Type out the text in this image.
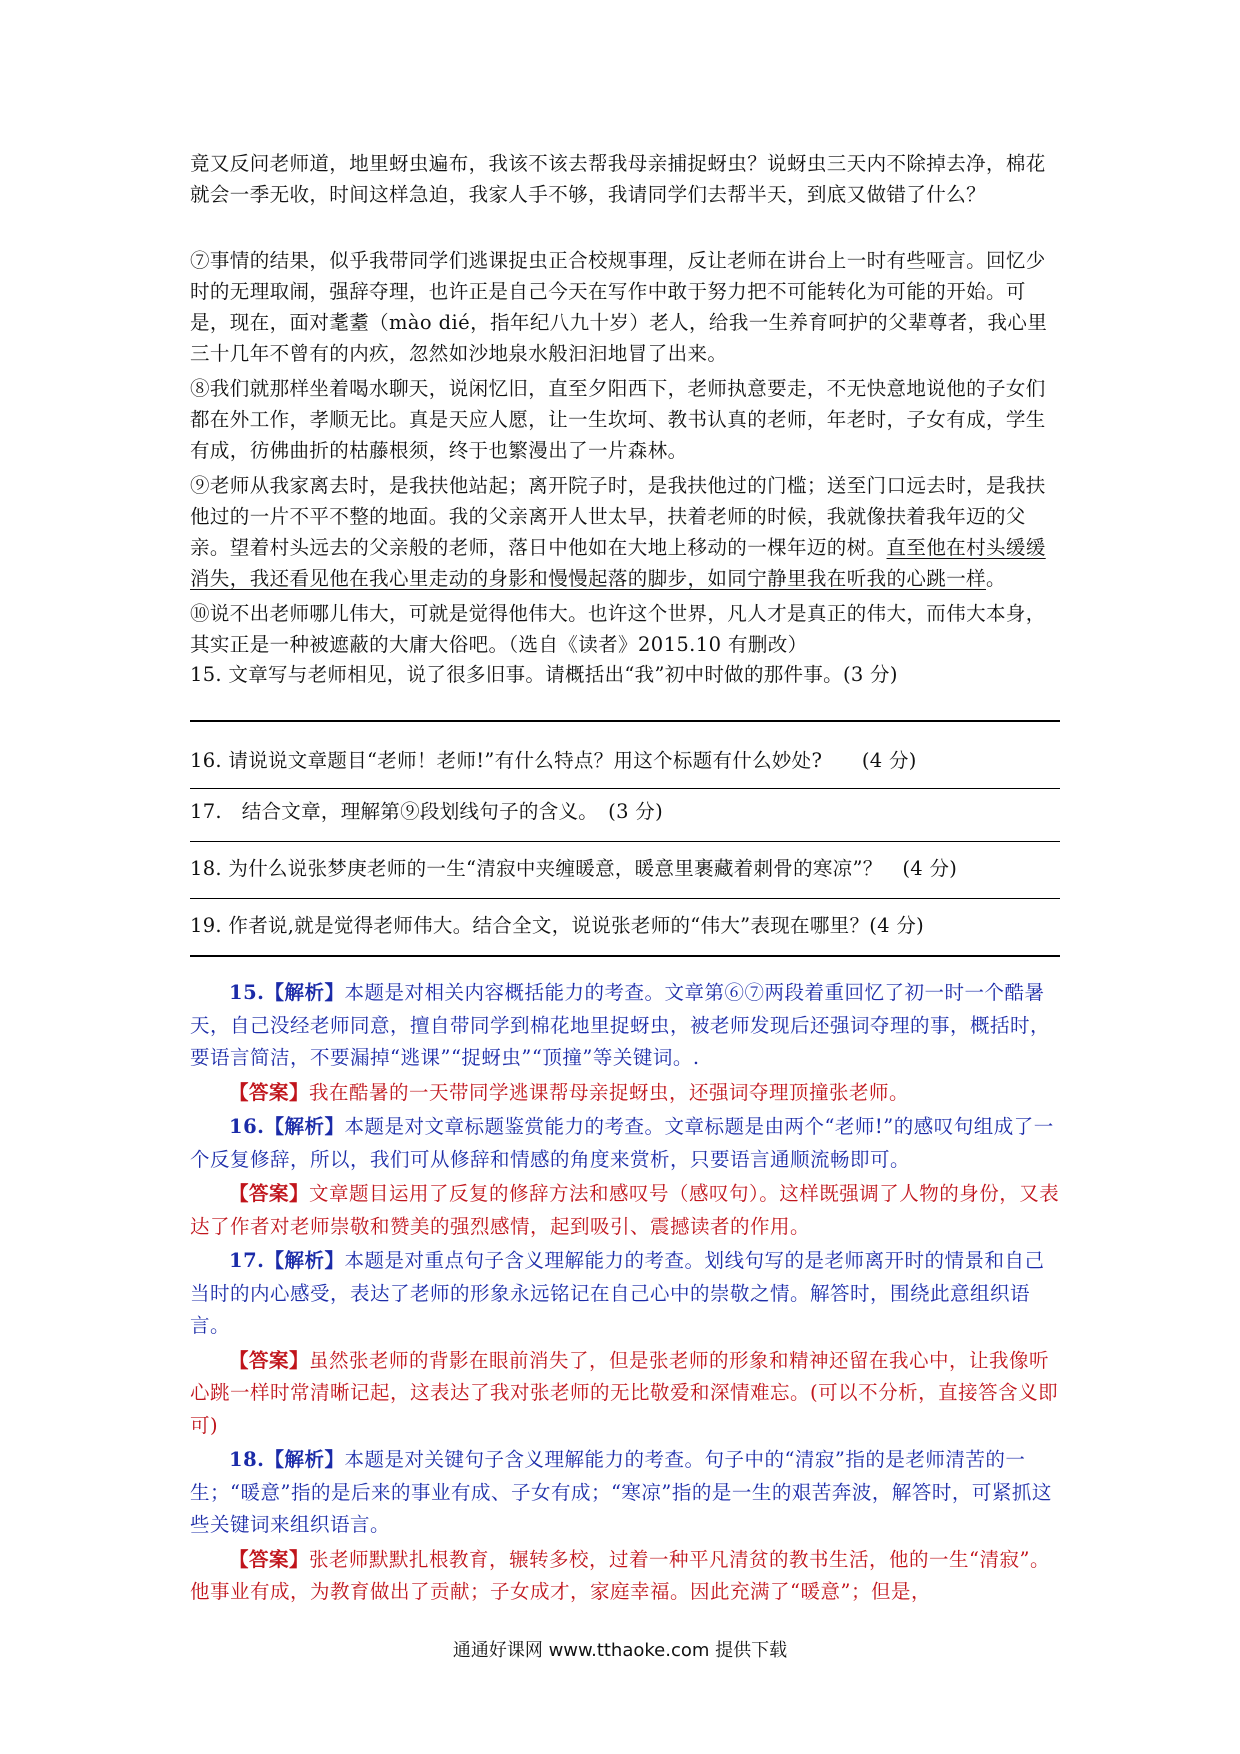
竟又反问老师道，地里蚜虫遍布，我该不该去帮我母亲捕捉蚜虫？说蚜虫三天内不除掉去净，棉花就会一季无收，时间这样急迫，我家人手不够，我请同学们去帮半天，到底又做错了什么？

⑦事情的结果，似乎我带同学们逃课捉虫正合校规事理，反让老师在讲台上一时有些哑言。回忆少时的无理取闹，强辞夺理，也许正是自己今天在写作中敢于努力把不可能转化为可能的开始。可是，现在，面对耄耋（mào dié，指年纪八九十岁）老人，给我一生养育呵护的父辈尊者，我心里三十几年不曾有的内疚，忽然如沙地泉水般汩汩地冒了出来。

⑧我们就那样坐着喝水聊天，说闲忆旧，直至夕阳西下，老师执意要走，不无快意地说他的子女们都在外工作，孝顺无比。真是天应人愿，让一生坎坷、教书认真的老师，年老时，子女有成，学生有成，彷佛曲折的枯藤根须，终于也繁漫出了一片森林。

⑨老师从我家离去时，是我扶他站起；离开院子时，是我扶他过的门槛；送至门口远去时，是我扶他过的一片不平不整的地面。我的父亲离开人世太早，扶着老师的时候，我就像扶着我年迈的父亲。望着村头远去的父亲般的老师，落日中他如在大地上移动的一棵年迈的树。直至他在村头缓缓消失，我还看见他在我心里走动的身影和慢慢起落的脚步，如同宁静里我在听我的心跳一样。

⑩说不出老师哪儿伟大，可就是觉得他伟大。也许这个世界，凡人才是真正的伟大，而伟大本身，其实正是一种被遮蔽的大庸大俗吧。（选自《读者》2015.10 有删改）

15. 文章写与老师相见，说了很多旧事。请概括出“我”初中时做的那件事。(3 分)

16. 请说说文章题目“老师！老师!”有什么特点？用这个标题有什么妙处?　　(4 分)

17.　结合文章，理解第⑨段划线句子的含义。　(3 分)

18. 为什么说张梦庚老师的一生“清寂中夹缠暖意，暖意里裹藏着刺骨的寒凉”？　(4 分)

19. 作者说,就是觉得老师伟大。结合全文，说说张老师的“伟大”表现在哪里？(4 分)

15.【解析】本题是对相关内容概括能力的考查。文章第⑥⑦两段着重回忆了初一时一个酷暑天，自己没经老师同意，擅自带同学到棉花地里捉蚜虫，被老师发现后还强词夺理的事，概括时，要语言简洁，不要漏掉“逃课”“捉蚜虫”“顶撞”等关键词。.

【答案】我在酷暑的一天带同学逃课帮母亲捉蚜虫，还强词夺理顶撞张老师。

16.【解析】本题是对文章标题鉴赏能力的考查。文章标题是由两个“老师!”的感叹句组成了一个反复修辞，所以，我们可从修辞和情感的角度来赏析，只要语言通顺流畅即可。

【答案】文章题目运用了反复的修辞方法和感叹号（感叹句）。这样既强调了人物的身份，又表达了作者对老师崇敬和赞美的强烈感情，起到吸引、震撼读者的作用。

17.【解析】本题是对重点句子含义理解能力的考查。划线句写的是老师离开时的情景和自己当时的内心感受，表达了老师的形象永远铭记在自己心中的崇敬之情。解答时，围绕此意组织语言。

【答案】虽然张老师的背影在眼前消失了，但是张老师的形象和精神还留在我心中，让我像听心跳一样时常清晰记起，这表达了我对张老师的无比敬爱和深情难忘。(可以不分析，直接答含义即可)

18.【解析】本题是对关键句子含义理解能力的考查。句子中的“清寂”指的是老师清苦的一生；“暖意”指的是后来的事业有成、子女有成；“寒凉”指的是一生的艰苦奔波，解答时，可紧抓这些关键词来组织语言。

【答案】张老师默默扎根教育，辗转多校，过着一种平凡清贫的教书生活，他的一生“清寂”。他事业有成，为教育做出了贡献；子女成才，家庭幸福。因此充满了“暖意”；但是，

通通好课网 www.tthaoke.com 提供下载
